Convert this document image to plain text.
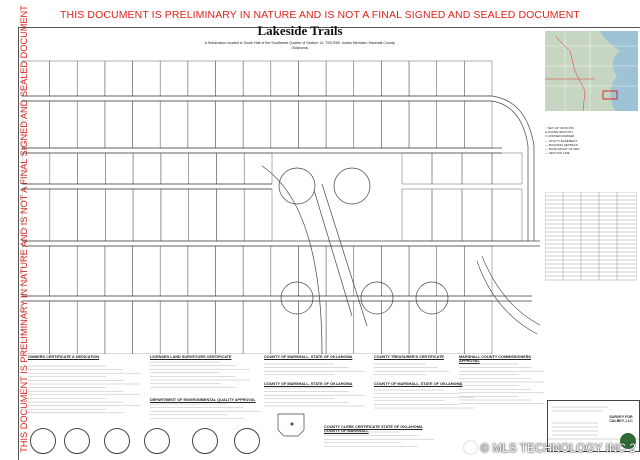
THIS DOCUMENT IS PRELIMINARY IN NATURE AND IS NOT A FINAL SIGNED AND SEALED DOCUMENT
THIS DOCUMENT IS PRELIMINARY IN NATURE AND IS NOT A FINAL SIGNED AND SEALED DOCUMENT	Lakeside Trails
A Subdivision located in South Half of the Southwest Quarter of Section 13, T6S-R5E, Indian Meridian, Marshall County, Oklahoma.
○ SET 1/2" IRON PIN
● FOUND IRON PIN
□ CORNER MARKER
— UTILITY EASEMENT
— BUILDING SETBACK
— ROAD RIGHT OF WAY
— SECTION LINE
OWNERS CERTIFICATE & DEDICATION	LICENSED LAND SURVEYORS CERTIFICATE	COUNTY OF MARSHALL, STATE OF OKLAHOMA	COUNTY TREASURER'S CERTIFICATE	MARSHALL COUNTY COMMISSIONERS APPROVAL
COUNTY OF MARSHALL, STATE OF OKLAHOMA	COUNTY OF MARSHALL, STATE OF OKLAHOMA
DEPARTMENT OF ENVIRONMENTAL QUALITY APPROVAL
COUNTY CLERK CERTIFICATE STATE OF OKLAHOMA COUNTY OF MARSHALL
SURVEY FOR CALBEY, LLC
© MLS TECHNOLOGY INC 2
